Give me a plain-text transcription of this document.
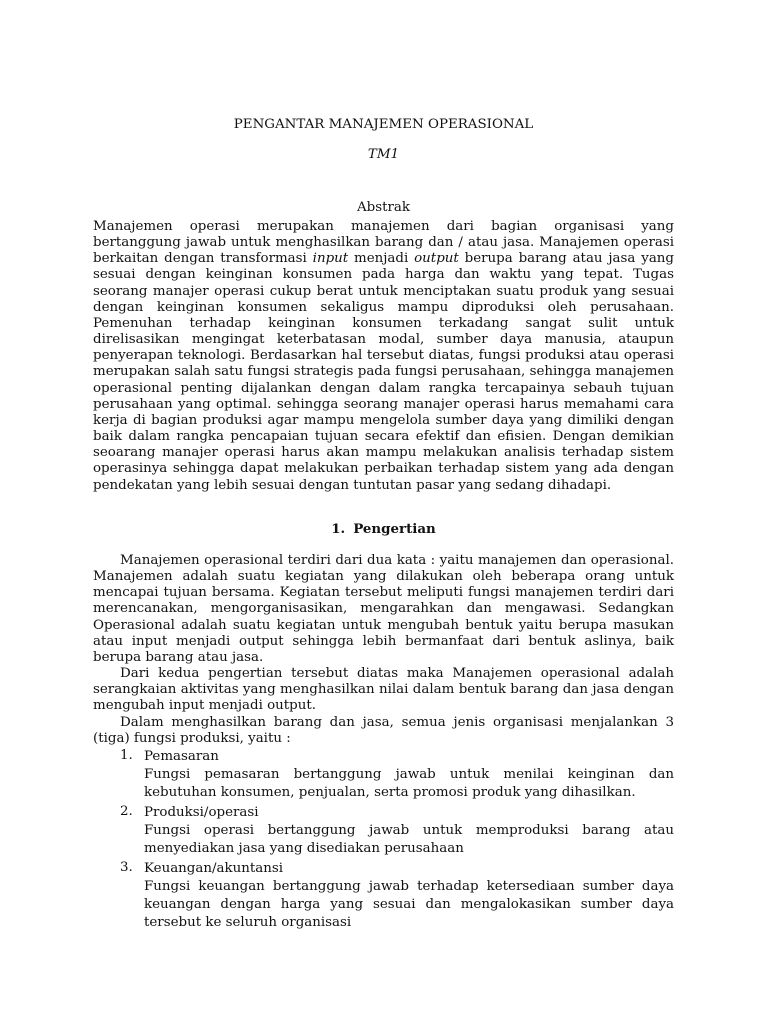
PENGANTAR MANAJEMEN OPERASIONAL
TM1
Abstrak

Manajemen operasi merupakan manajemen dari bagian organisasi yang bertanggung jawab untuk menghasilkan barang dan / atau jasa. Manajemen operasi berkaitan dengan transformasi input menjadi output berupa barang atau jasa yang sesuai dengan keinginan konsumen pada harga dan waktu yang tepat. Tugas seorang manajer operasi cukup berat untuk menciptakan suatu produk yang sesuai dengan keinginan konsumen sekaligus mampu diproduksi oleh perusahaan. Pemenuhan terhadap keinginan konsumen terkadang sangat sulit untuk direlisasikan mengingat keterbatasan modal, sumber daya manusia, ataupun penyerapan teknologi. Berdasarkan hal tersebut diatas, fungsi produksi atau operasi merupakan salah satu fungsi strategis pada fungsi perusahaan, sehingga manajemen operasional penting dijalankan dengan dalam rangka tercapainya sebauh tujuan perusahaan yang optimal. sehingga seorang manajer operasi harus memahami cara kerja di bagian produksi agar mampu mengelola sumber daya yang dimiliki dengan baik dalam rangka pencapaian tujuan secara efektif dan efisien. Dengan demikian seoarang manajer operasi harus akan mampu melakukan analisis terhadap sistem operasinya sehingga dapat melakukan perbaikan terhadap sistem yang ada dengan pendekatan yang lebih sesuai dengan tuntutan pasar yang sedang dihadapi.

1. Pengertian

Manajemen operasional terdiri dari dua kata : yaitu manajemen dan operasional. Manajemen adalah suatu kegiatan yang dilakukan oleh beberapa orang untuk mencapai tujuan bersama. Kegiatan tersebut meliputi fungsi manajemen terdiri dari merencanakan, mengorganisasikan, mengarahkan dan mengawasi. Sedangkan Operasional adalah suatu kegiatan untuk mengubah bentuk yaitu berupa masukan atau input menjadi output sehingga lebih bermanfaat dari bentuk aslinya, baik berupa barang atau jasa.

Dari kedua pengertian tersebut diatas maka Manajemen operasional adalah serangkaian aktivitas yang menghasilkan nilai dalam bentuk barang dan jasa dengan mengubah input menjadi output.

Dalam menghasilkan barang dan jasa, semua jenis organisasi menjalankan 3 (tiga) fungsi produksi, yaitu :

1. Pemasaran
Fungsi pemasaran bertanggung jawab untuk menilai keinginan dan kebutuhan konsumen, penjualan, serta promosi produk yang dihasilkan.
2. Produksi/operasi
Fungsi operasi bertanggung jawab untuk memproduksi barang atau menyediakan jasa yang disediakan perusahaan
3. Keuangan/akuntansi
Fungsi keuangan bertanggung jawab terhadap ketersediaan sumber daya keuangan dengan harga yang sesuai dan mengalokasikan sumber daya tersebut ke seluruh organisasi
